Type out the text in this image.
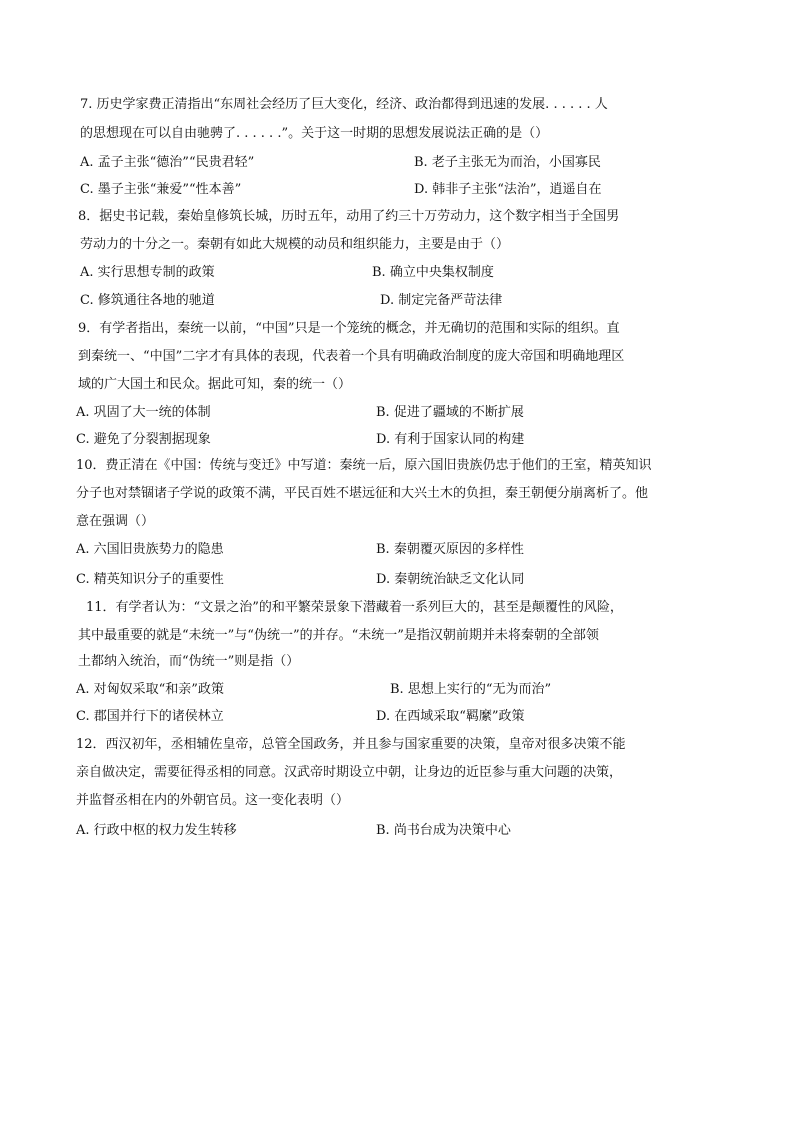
7. 历史学家费正清指出“东周社会经历了巨大变化，经济、政治都得到迅速的发展. . . . . . 人
的思想现在可以自由驰骋了. . . . . .”。关于这一时期的思想发展说法正确的是（）
A. 孟子主张“德治”“民贵君轻”	B. 老子主张无为而治，小国寡民
C. 墨子主张“兼爱”“性本善”	D. 韩非子主张“法治”，逍遥自在
8．据史书记载，秦始皇修筑长城，历时五年，动用了约三十万劳动力，这个数字相当于全国男
劳动力的十分之一。秦朝有如此大规模的动员和组织能力，主要是由于（）
A. 实行思想专制的政策	B. 确立中央集权制度
C. 修筑通往各地的驰道	D. 制定完备严苛法律
9．有学者指出，秦统一以前，“中国”只是一个笼统的概念，并无确切的范围和实际的组织。直
到秦统一、“中国”二字才有具体的表现，代表着一个具有明确政治制度的庞大帝国和明确地理区
域的广大国土和民众。据此可知，秦的统一（）
A. 巩固了大一统的体制	B. 促进了疆域的不断扩展
C. 避免了分裂割据现象	D. 有利于国家认同的构建
10．费正清在《中国：传统与变迁》中写道：秦统一后，原六国旧贵族仍忠于他们的王室，精英知识
分子也对禁锢诸子学说的政策不满，平民百姓不堪远征和大兴土木的负担，秦王朝便分崩离析了。他
意在强调（）
A. 六国旧贵族势力的隐患	B. 秦朝覆灭原因的多样性
C. 精英知识分子的重要性	D. 秦朝统治缺乏文化认同
11．有学者认为：“文景之治”的和平繁荣景象下潜藏着一系列巨大的，甚至是颠覆性的风险，
其中最重要的就是“未统一”与“伪统一”的并存。“未统一”是指汉朝前期并未将秦朝的全部领
土都纳入统治，而“伪统一”则是指（）
A. 对匈奴采取“和亲”政策	B. 思想上实行的“无为而治”
C. 郡国并行下的诸侯林立	D. 在西域采取“羁縻”政策
12．西汉初年，丞相辅佐皇帝，总管全国政务，并且参与国家重要的决策，皇帝对很多决策不能
亲自做决定，需要征得丞相的同意。汉武帝时期设立中朝，让身边的近臣参与重大问题的决策，
并监督丞相在内的外朝官员。这一变化表明（）
A. 行政中枢的权力发生转移	B. 尚书台成为决策中心
